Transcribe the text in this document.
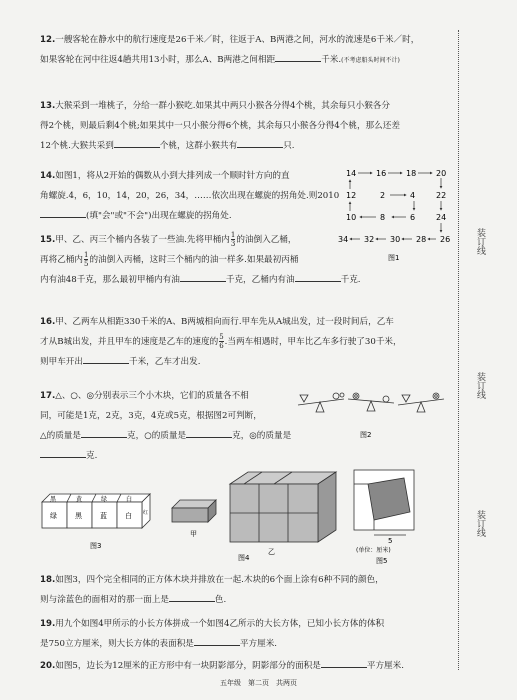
12.一艘客轮在静水中的航行速度是26千米／时，往返于A、B两港之间，河水的流速是6千米／时，
如果客轮在河中往返4趟共用13小时，那么A、B两港之间相距	千米.(不考虑船头时间不计)
13.大猴采到一堆桃子，分给一群小猴吃.如果其中两只小猴各分得4个桃，其余每只小猴各分
得2个桃，则最后剩4个桃;如果其中一只小猴分得6个桃，其余每只小猴各分得4个桃，那么还差
12个桃.大猴共采到	个桃，这群小猴共有	只.
14.如图1，将从2开始的偶数从小到大排列成一个顺时针方向的直
角螺旋.4，6，10，14，20，26，34，……依次出现在螺旋的拐角处.则2010
(填"会"或"不会")出现在螺旋的拐角处.
14 16 18 20
12	2	4	22
10	8	6	24
34 32 30 28 26
图1
15.甲、乙、丙三个桶内各装了一些油.先将甲桶内 $\frac{1}{3}$ 的油倒入乙桶，
再将乙桶内 $\frac{1}{5}$ 的油倒入丙桶，这时三个桶内的油一样多.如果最初丙桶
内有油48千克，那么最初甲桶内有油	千克，乙桶内有油	千克.
16.甲、乙两车从相距330千米的A、B两城相向而行.甲车先从A城出发，过一段时间后，乙车
才从B城出发，并且甲车的速度是乙车的速度的 $\frac{5}{6}$ .当两车相遇时，甲车比乙车多行驶了30千米，
则甲车开出	千米，乙车才出发.
17.△、○、◎分别表示三个小木块，它们的质量各不相
同，可能是1克，2克，3克，4克或5克，根据图2可判断，
△的质量是	克，○的质量是	克，◎的质量是
克.
图2
黑	黄	绿	白
绿	黑	蓝	白 红
图3
甲
乙
图4
5
(单位：厘米)
图5
18.如图3，四个完全相同的正方体木块并排放在一起.木块的6个面上涂有6种不同的颜色，
则与涂蓝色的面相对的那一面上是	色.
19.用九个如图4甲所示的小长方体拼成一个如图4乙所示的大长方体，已知小长方体的体积
是750立方厘米，则大长方体的表面积是	平方厘米.
20.如图5，边长为12厘米的正方形中有一块阴影部分，阴影部分的面积是	平方厘米.
装订线
装订线
装订线
五年级　第二页　共两页
